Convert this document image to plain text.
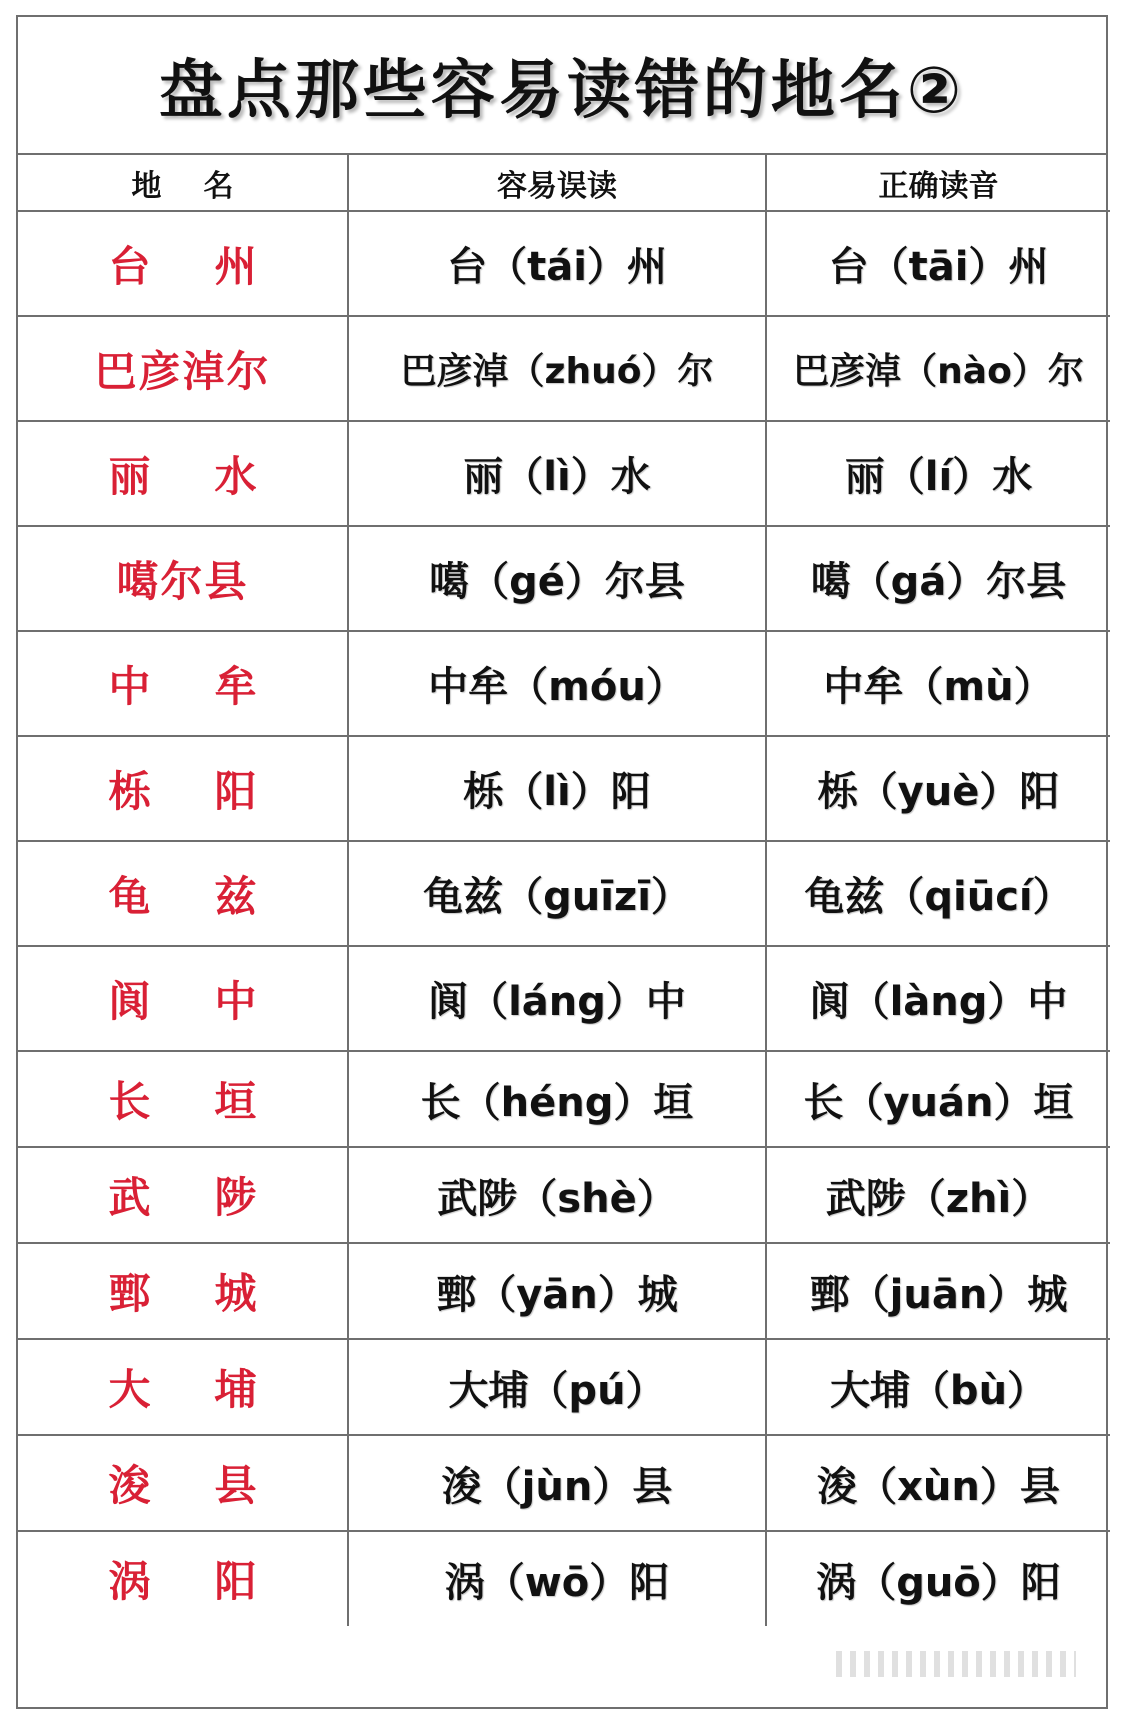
盘点那些容易读错的地名②
地名	容易误读	正确读音
台州	台（tái）州	台（tāi）州
巴彦淖尔	巴彦淖（zhuó）尔	巴彦淖（nào）尔
丽水	丽（lì）水	丽（lí）水
噶尔县	噶（gé）尔县	噶（gá）尔县
中牟	中牟（móu）	中牟（mù）
栎阳	栎（lì）阳	栎（yuè）阳
龟兹	龟兹（guīzī）	龟兹（qiūcí）
阆中	阆（láng）中	阆（làng）中
长垣	长（héng）垣	长（yuán）垣
武陟	武陟（shè）	武陟（zhì）
鄄城	鄄（yān）城	鄄（juān）城
大埔	大埔（pú）	大埔（bù）
浚县	浚（jùn）县	浚（xùn）县
涡阳	涡（wō）阳	涡（guō）阳
